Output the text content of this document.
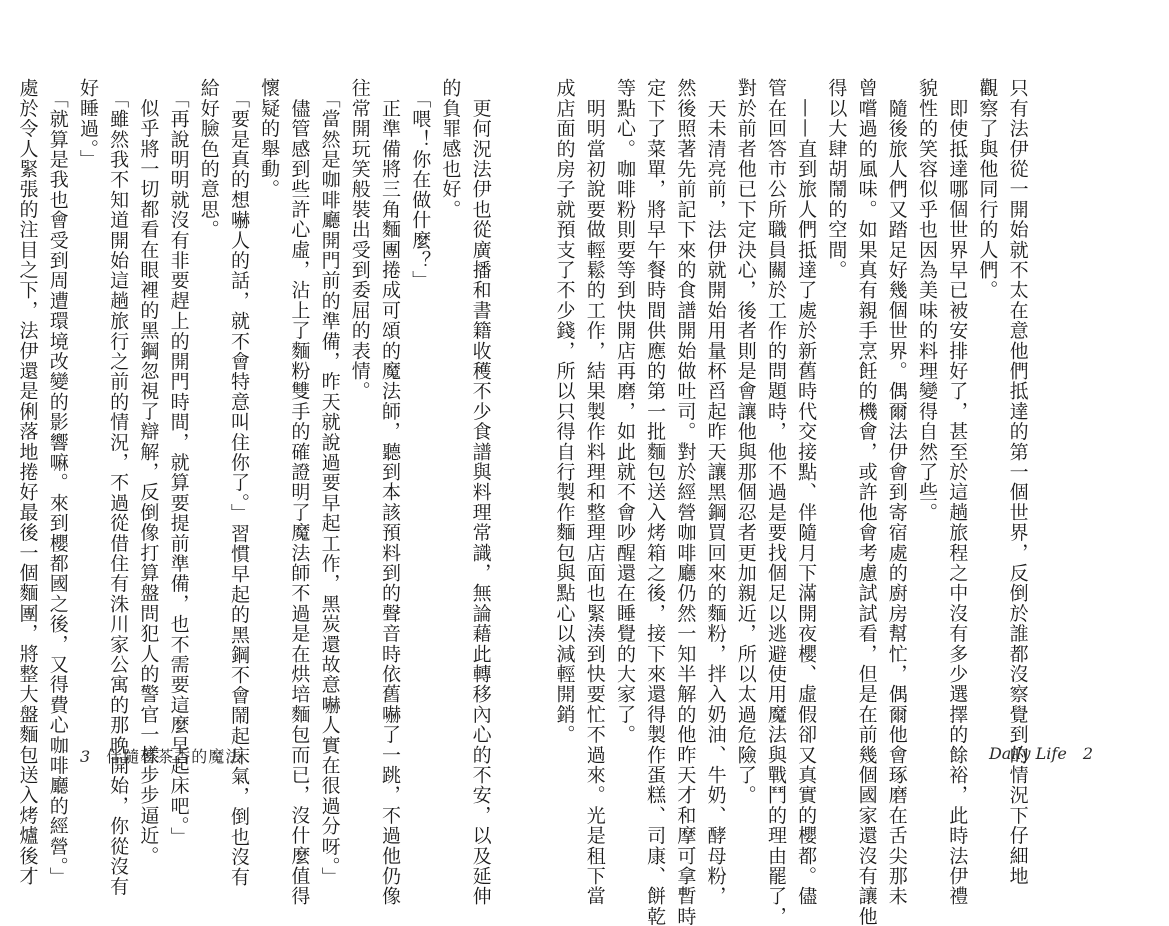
　更何況法伊也從廣播和書籍收穫不少食譜與料理常識，無論藉此轉移內心的不安，以及延伸
的負罪感也好。
　「喂！你在做什麼？」
　正準備將三角麵團捲成可頌的魔法師，聽到本該預料到的聲音時依舊嚇了一跳，不過他仍像
往常開玩笑般裝出受到委屈的表情。
　「當然是咖啡廳開門前的準備，昨天就說過要早起工作，黑炭還故意嚇人實在很過分呀。」
　儘管感到些許心虛，沾上了麵粉雙手的確證明了魔法師不過是在烘培麵包而已，沒什麼值得
懷疑的舉動。
　「要是真的想嚇人的話，就不會特意叫住你了。」習慣早起的黑鋼不會鬧起床氣，倒也沒有
給好臉色的意思。
　「再說明明就沒有非要趕上的開門時間，就算要提前準備，也不需要這麼早起床吧。」
　似乎將一切都看在眼裡的黑鋼忽視了辯解，反倒像打算盤問犯人的警官一樣步步逼近。
　「雖然我不知道開始這趟旅行之前的情況，不過從借住有洙川家公寓的那晚開始，你從沒有
好睡過。」
　「就算是我也會受到周遭環境改變的影響嘛。來到櫻都國之後，又得費心咖啡廳的經營。」
處於令人緊張的注目之下，法伊還是俐落地捲好最後一個麵團，將整大盤麵包送入烤爐後才

	3 伴隨著茶香的魔法

	只有法伊從一開始就不太在意他們抵達的第一個世界，反倒於誰都沒察覺到的情況下仔細地
觀察了與他同行的人們。
　即使抵達哪個世界早已被安排好了，甚至於這趟旅程之中沒有多少選擇的餘裕，此時法伊禮
貌性的笑容似乎也因為美味的料理變得自然了些。
　隨後旅人們又踏足好幾個世界。偶爾法伊會到寄宿處的廚房幫忙，偶爾他會琢磨在舌尖那未
曾嚐過的風味。如果真有親手烹飪的機會，或許他會考慮試試看，但是在前幾個國家還沒有讓他
得以大肆胡鬧的空間。
　——直到旅人們抵達了處於新舊時代交接點、伴隨月下滿開夜櫻、虛假卻又真實的櫻都。儘
管在回答市公所職員關於工作的問題時，他不過是要找個足以逃避使用魔法與戰鬥的理由罷了，
對於前者他已下定決心，後者則是會讓他與那個忍者更加親近，所以太過危險了。
　天未清亮前，法伊就開始用量杯舀起昨天讓黑鋼買回來的麵粉，拌入奶油、牛奶、酵母粉，
然後照著先前記下來的食譜開始做吐司。對於經營咖啡廳仍然一知半解的他昨天才和摩可拿暫時
定下了菜單，將早午餐時間供應的第一批麵包送入烤箱之後，接下來還得製作蛋糕、司康、餅乾
等點心。咖啡粉則要等到快開店再磨，如此就不會吵醒還在睡覺的大家了。
　明明當初說要做輕鬆的工作，結果製作料理和整理店面也緊湊到快要忙不過來。光是租下當
成店面的房子就預支了不少錢，所以只得自行製作麵包與點心以減輕開銷。

Daily Life 2
